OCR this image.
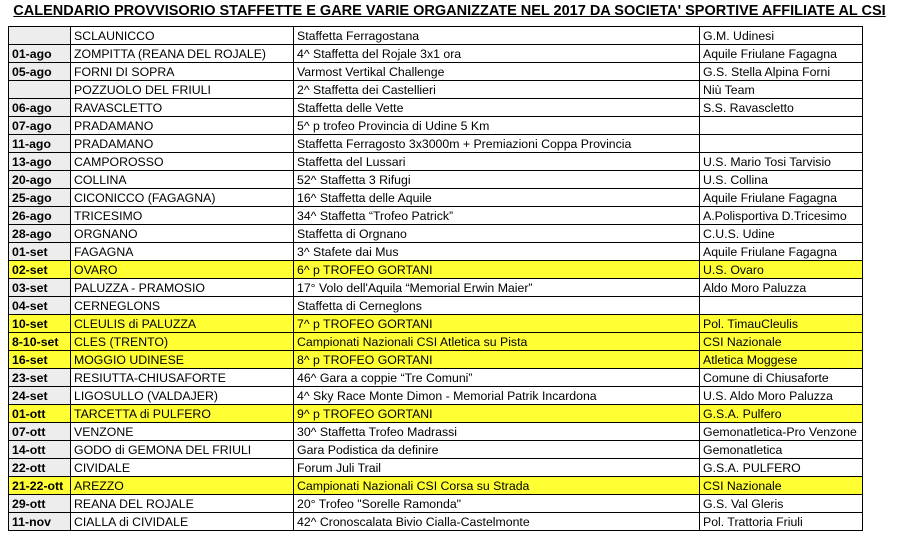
CALENDARIO PROVVISORIO STAFFETTE E GARE VARIE ORGANIZZATE NEL 2017 DA SOCIETA' SPORTIVE AFFILIATE AL CSI
	SCLAUNICCO	Staffetta Ferragostana	G.M. Udinesi
01-ago	ZOMPITTA (REANA DEL ROJALE)	4^ Staffetta del Rojale 3x1 ora	Aquile Friulane Fagagna
05-ago	FORNI DI SOPRA	Varmost Vertikal Challenge	G.S. Stella Alpina Forni
	POZZUOLO DEL FRIULI	2^ Staffetta dei Castellieri	Niù Team
06-ago	RAVASCLETTO	Staffetta delle Vette	S.S. Ravascletto
07-ago	PRADAMANO	5^ p trofeo Provincia di Udine 5 Km	
11-ago	PRADAMANO	Staffetta Ferragosto 3x3000m + Premiazioni Coppa Provincia	
13-ago	CAMPOROSSO	Staffetta del Lussari	U.S. Mario Tosi Tarvisio
20-ago	COLLINA	52^ Staffetta 3 Rifugi	U.S. Collina
25-ago	CICONICCO (FAGAGNA)	16^ Staffetta delle Aquile	Aquile Friulane Fagagna
26-ago	TRICESIMO	34^ Staffetta “Trofeo Patrick”	A.Polisportiva D.Tricesimo
28-ago	ORGNANO	Staffetta di Orgnano	C.U.S. Udine
01-set	FAGAGNA	3^ Stafete dai Mus	Aquile Friulane Fagagna
02-set	OVARO	6^ p TROFEO GORTANI	U.S. Ovaro
03-set	PALUZZA - PRAMOSIO	17° Volo dell'Aquila “Memorial Erwin Maier”	Aldo Moro Paluzza
04-set	CERNEGLONS	Staffetta di Cerneglons	
10-set	CLEULIS di PALUZZA	7^ p TROFEO GORTANI	Pol. TimauCleulis
8-10-set	CLES (TRENTO)	Campionati Nazionali CSI Atletica su Pista	CSI Nazionale
16-set	MOGGIO UDINESE	8^ p TROFEO GORTANI	Atletica Moggese
23-set	RESIUTTA-CHIUSAFORTE	46^ Gara a coppie “Tre Comuni”	Comune di Chiusaforte
24-set	LIGOSULLO (VALDAJER)	4^ Sky Race Monte Dimon - Memorial Patrik Incardona	U.S. Aldo Moro Paluzza
01-ott	TARCETTA di PULFERO	9^ p TROFEO GORTANI	G.S.A. Pulfero
07-ott	VENZONE	30^ Staffetta Trofeo Madrassi	Gemonatletica-Pro Venzone
14-ott	GODO di GEMONA DEL FRIULI	Gara Podistica da definire	Gemonatletica
22-ott	CIVIDALE	Forum Juli Trail	G.S.A. PULFERO
21-22-ott	AREZZO	Campionati Nazionali CSI Corsa su Strada	CSI Nazionale
29-ott	REANA DEL ROJALE	20° Trofeo "Sorelle Ramonda"	G.S. Val Gleris
11-nov	CIALLA di CIVIDALE	42^ Cronoscalata Bivio Cialla-Castelmonte	Pol. Trattoria Friuli
